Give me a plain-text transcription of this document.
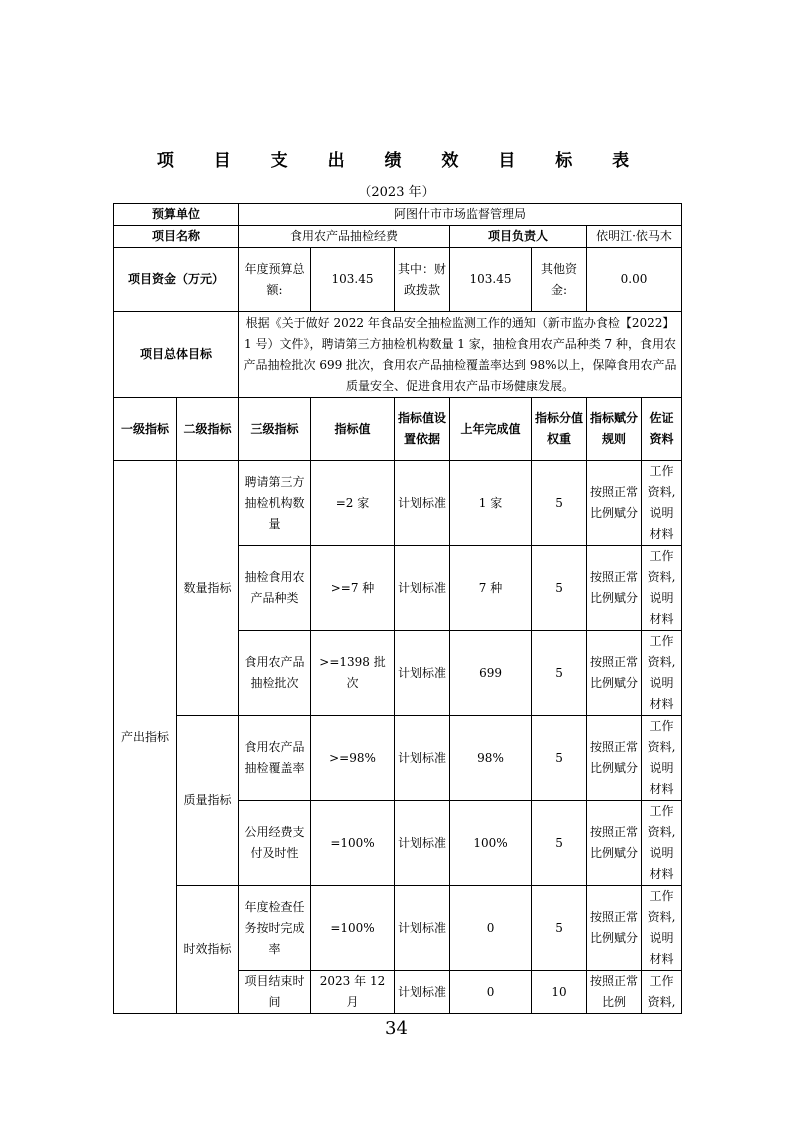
项 目 支 出 绩 效 目 标 表
（2023 年）
预算单位		阿图什市市场监督管理局						
项目名称		食用农产品抽检经费			项目负责人		依明江·依马木	
项目资金（万元）		年度预算总额:	103.45	其中：财政拨款	103.45	其他资金:	0.00	
项目总体目标		根据《关于做好 2022 年食品安全抽检监测工作的通知（新市监办食检【2022】1 号）文件》，聘请第三方抽检机构数量 1 家，抽检食用农产品种类 7 种，食用农产品抽检批次 699 批次，食用农产品抽检覆盖率达到 98%以上，保障食用农产品质量安全、促进食用农产品市场健康发展。						
一级指标	二级指标	三级指标	指标值	指标值设置依据	上年完成值	指标分值权重	指标赋分规则	佐证资料
产出指标	数量指标	聘请第三方抽检机构数量	=2 家	计划标准	1 家	5	按照正常比例赋分	工作资料,说明材料
		抽检食用农产品种类	>=7 种	计划标准	7 种	5	按照正常比例赋分	工作资料,说明材料
		食用农产品抽检批次	>=1398 批次	计划标准	699	5	按照正常比例赋分	工作资料,说明材料
	质量指标	食用农产品抽检覆盖率	>=98%	计划标准	98%	5	按照正常比例赋分	工作资料,说明材料
		公用经费支付及时性	=100%	计划标准	100%	5	按照正常比例赋分	工作资料,说明材料
	时效指标	年度检查任务按时完成率	=100%	计划标准	0	5	按照正常比例赋分	工作资料,说明材料
		项目结束时间	2023 年 12 月	计划标准	0	10	按照正常比例	工作资料,
34
